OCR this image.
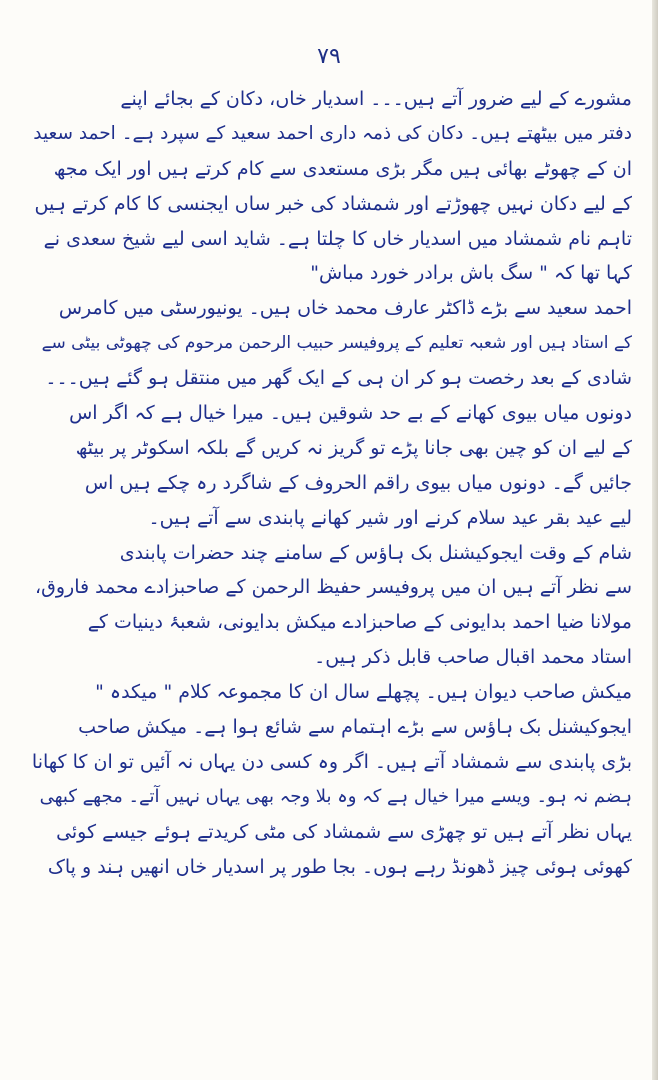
۷۹
مشورے کے لیے ضرور آتے ہیں۔۔۔ اسدیار خاں، دکان کے بجائے اپنے
دفتر میں بیٹھتے ہیں۔ دکان کی ذمہ داری احمد سعید کے سپرد ہے۔ احمد سعید
ان کے چھوٹے بھائی ہیں مگر بڑی مستعدی سے کام کرتے ہیں اور ایک مجھ
کے لیے دکان نہیں چھوڑتے اور شمشاد کی خبر ساں ایجنسی کا کام کرتے ہیں
تاہم نام شمشاد میں اسدیار خاں کا چلتا ہے۔ شاید اسی لیے شیخ سعدی نے
کہا تھا کہ " سگ باش برادر خورد مباش"
احمد سعید سے بڑے ڈاکٹر عارف محمد خاں ہیں۔ یونیورسٹی میں کامرس
کے استاد ہیں اور شعبہ تعلیم کے پروفیسر حبیب الرحمن مرحوم کی چھوٹی بیٹی سے
شادی کے بعد رخصت ہو کر ان ہی کے ایک گھر میں منتقل ہو گئے ہیں۔۔۔
دونوں میاں بیوی کھانے کے بے حد شوقین ہیں۔ میرا خیال ہے کہ اگر اس
کے لیے ان کو چین بھی جانا پڑے تو گریز نہ کریں گے بلکہ اسکوٹر پر بیٹھ
جائیں گے۔ دونوں میاں بیوی راقم الحروف کے شاگرد رہ چکے ہیں اس
لیے عید بقر عید سلام کرنے اور شیر کھانے پابندی سے آتے ہیں۔
شام کے وقت ایجوکیشنل بک ہاؤس کے سامنے چند حضرات پابندی
سے نظر آتے ہیں ان میں پروفیسر حفیظ الرحمن کے صاحبزادے محمد فاروق،
مولانا ضیا احمد بدایونی کے صاحبزادے میکش بدایونی، شعبۂ دینیات کے
استاد محمد اقبال صاحب قابل ذکر ہیں۔
میکش صاحب دیوان ہیں۔ پچھلے سال ان کا مجموعہ کلام " میکدہ "
ایجوکیشنل بک ہاؤس سے بڑے اہتمام سے شائع ہوا ہے۔ میکش صاحب
بڑی پابندی سے شمشاد آتے ہیں۔ اگر وہ کسی دن یہاں نہ آئیں تو ان کا کھانا
ہضم نہ ہو۔ ویسے میرا خیال ہے کہ وہ بلا وجہ بھی یہاں نہیں آتے۔ مجھے کبھی
یہاں نظر آتے ہیں تو چھڑی سے شمشاد کی مٹی کریدتے ہوئے جیسے کوئی
کھوئی ہوئی چیز ڈھونڈ رہے ہوں۔ بجا طور پر اسدیار خاں انھیں ہند و پاک
